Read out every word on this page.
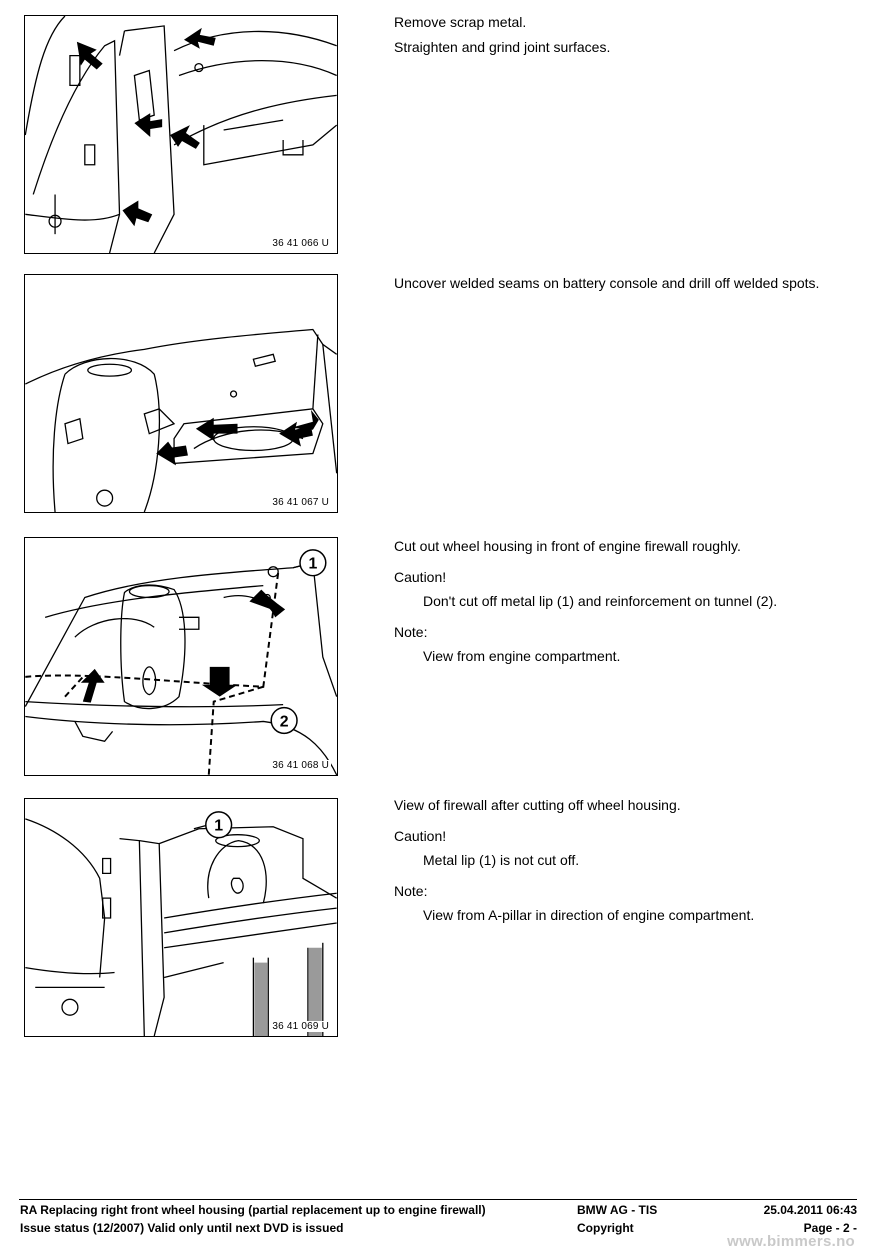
36 41 066 U

Remove scrap metal.

Straighten and grind joint surfaces.

36 41 067 U

Uncover welded seams on battery console and drill off welded spots.

1
2
36 41 068 U

Cut out wheel housing in front of engine firewall roughly.

Caution!

Don't cut off metal lip (1) and reinforcement on tunnel (2).

Note:

View from engine compartment.

1
36 41 069 U

View of firewall after cutting off wheel housing.

Caution!

Metal lip (1) is not cut off.

Note:

View from A-pillar in direction of engine compartment.

RA Replacing right front wheel housing (partial replacement up to engine firewall)	BMW AG - TIS	25.04.2011 06:43
Issue status (12/2007) Valid only until next DVD is issued	Copyright	Page - 2 -
www.bimmers.no
